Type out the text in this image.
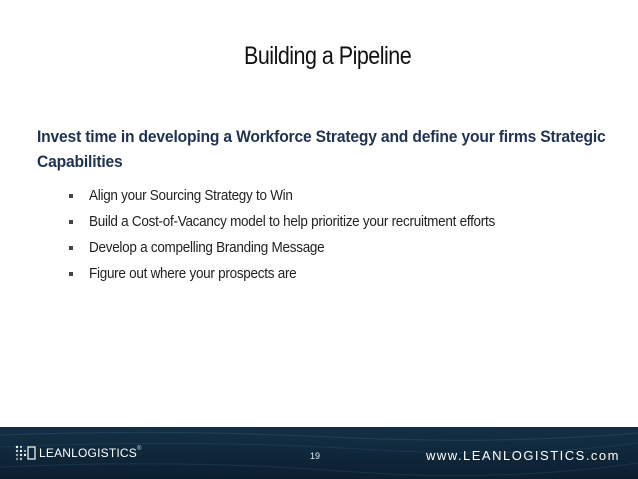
Building a Pipeline

Invest time in developing a Workforce Strategy and define your firms Strategic Capabilities

Align your Sourcing Strategy to Win
Build a Cost-of-Vacancy model to help prioritize your recruitment efforts
Develop a compelling Branding Message
Figure out where your prospects are
LEANLOGISTICS®
19	www.LEANLOGISTICS.com
